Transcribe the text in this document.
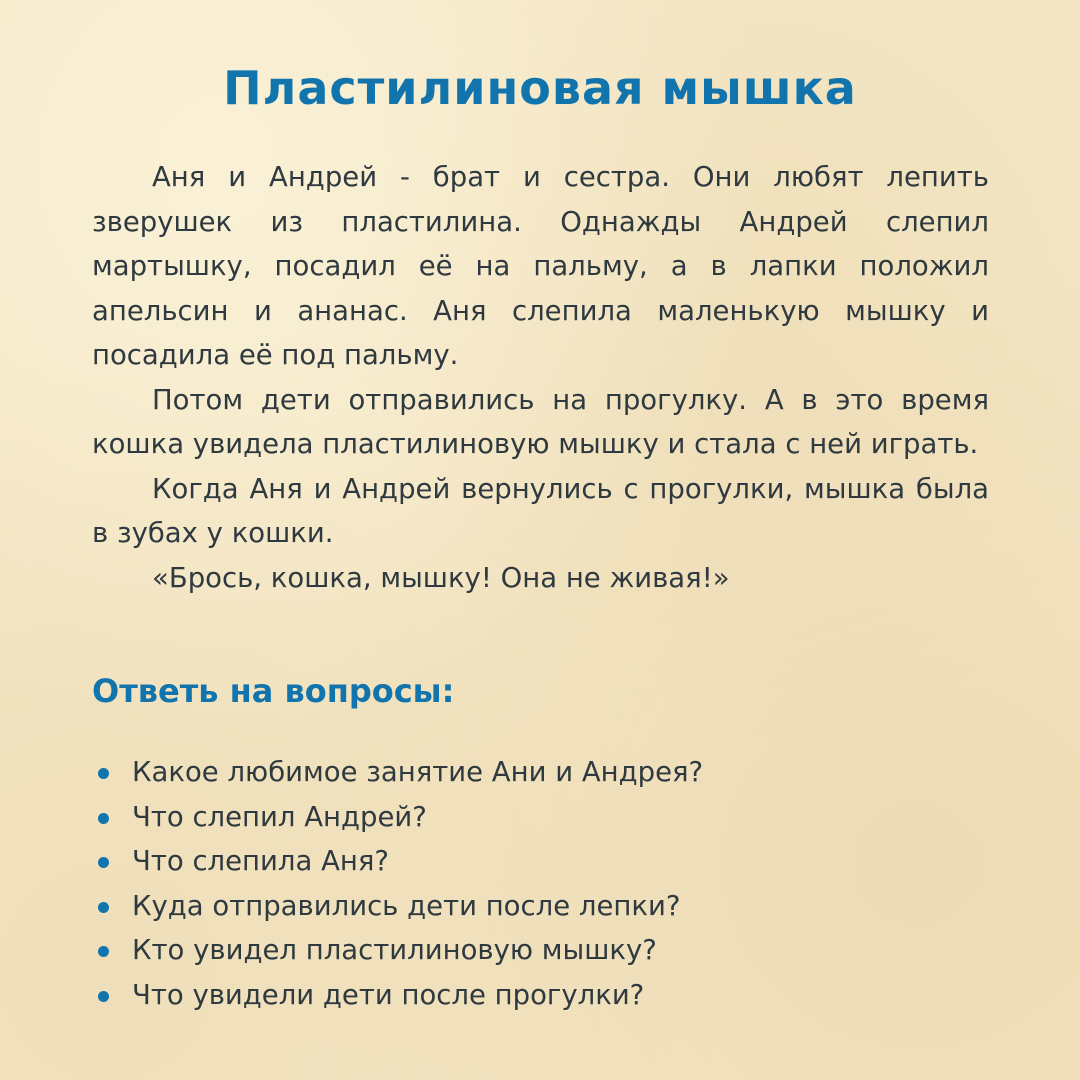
Пластилиновая мышка

Аня и Андрей - брат и сестра. Они любят лепить зверушек из пластилина. Однажды Андрей слепил мартышку, посадил её на пальму, а в лапки положил апельсин и ананас. Аня слепила маленькую мышку и посадила её под пальму.

Потом дети отправились на прогулку. А в это время кошка увидела пластилиновую мышку и стала с ней играть.

Когда Аня и Андрей вернулись с прогулки, мышка была в зубах у кошки.

«Брось, кошка, мышку! Она не живая!»

Ответь на вопросы:
Какое любимое занятие Ани и Андрея?
Что слепил Андрей?
Что слепила Аня?
Куда отправились дети после лепки?
Кто увидел пластилиновую мышку?
Что увидели дети после прогулки?
